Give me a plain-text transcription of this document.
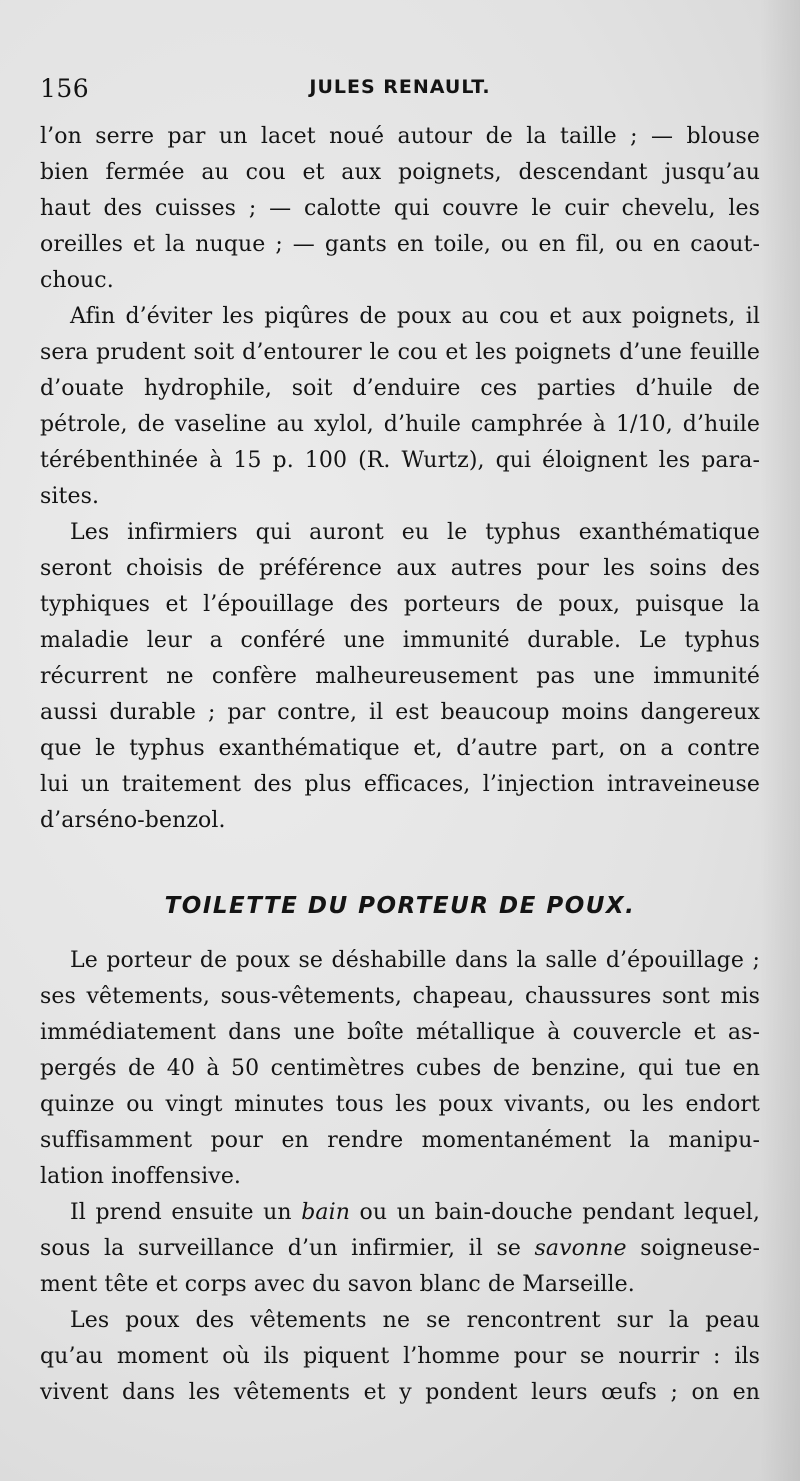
156	JULES RENAULT.

l’on serre par un lacet noué autour de la taille ; — blouse
bien fermée au cou et aux poignets, descendant jusqu’au
haut des cuisses ; — calotte qui couvre le cuir chevelu, les
oreilles et la nuque ; — gants en toile, ou en fil, ou en caout-
chouc.

Afin d’éviter les piqûres de poux au cou et aux poignets, il
sera prudent soit d’entourer le cou et les poignets d’une feuille
d’ouate hydrophile, soit d’enduire ces parties d’huile de
pétrole, de vaseline au xylol, d’huile camphrée à 1/10, d’huile
térébenthinée à 15 p. 100 (R. Wurtz), qui éloignent les para-
sites.

Les infirmiers qui auront eu le typhus exanthématique
seront choisis de préférence aux autres pour les soins des
typhiques et l’épouillage des porteurs de poux, puisque la
maladie leur a conféré une immunité durable. Le typhus
récurrent ne confère malheureusement pas une immunité
aussi durable ; par contre, il est beaucoup moins dangereux
que le typhus exanthématique et, d’autre part, on a contre
lui un traitement des plus efficaces, l’injection intraveineuse
d’arséno-benzol.

TOILETTE DU PORTEUR DE POUX.

Le porteur de poux se déshabille dans la salle d’épouillage ;
ses vêtements, sous-vêtements, chapeau, chaussures sont mis
immédiatement dans une boîte métallique à couvercle et as-
pergés de 40 à 50 centimètres cubes de benzine, qui tue en
quinze ou vingt minutes tous les poux vivants, ou les endort
suffisamment pour en rendre momentanément la manipu-
lation inoffensive.

Il prend ensuite un bain ou un bain-douche pendant lequel,
sous la surveillance d’un infirmier, il se savonne soigneuse-
ment tête et corps avec du savon blanc de Marseille.

Les poux des vêtements ne se rencontrent sur la peau
qu’au moment où ils piquent l’homme pour se nourrir : ils
vivent dans les vêtements et y pondent leurs œufs ; on en
